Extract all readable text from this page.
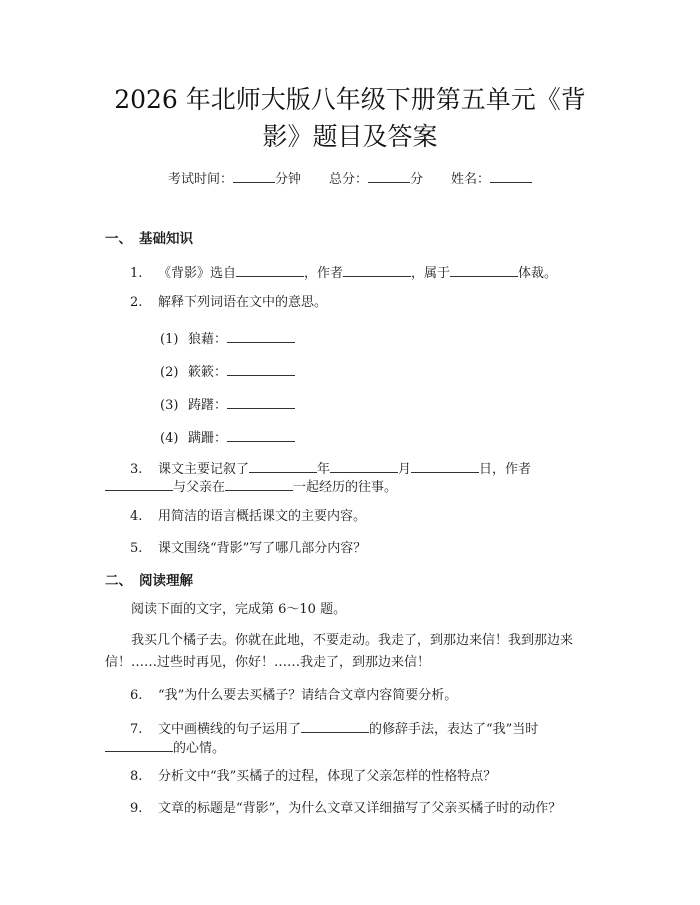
2026 年北师大版八年级下册第五单元《背
影》题目及答案
考试时间：	分钟 总分：	分 姓名：
一、 基础知识
1. 《背影》选自	，作者	，属于	体裁。
2. 解释下列词语在文中的意思。
(1) 狼藉：
(2) 簌簌：
(3) 踌躇：
(4) 蹒跚：
3. 课文主要记叙了	年	月	日，作者
与父亲在	一起经历的往事。
4. 用简洁的语言概括课文的主要内容。
5. 课文围绕“背影”写了哪几部分内容？
二、 阅读理解
阅读下面的文字，完成第 6～10 题。
我买几个橘子去。你就在此地，不要走动。我走了，到那边来信！我到那边来信！……过些时再见，你好！……我走了，到那边来信！
6. “我”为什么要去买橘子？请结合文章内容简要分析。
7. 文中画横线的句子运用了	的修辞手法，表达了“我”当时
的心情。
8. 分析文中“我”买橘子的过程，体现了父亲怎样的性格特点？
9. 文章的标题是“背影”，为什么文章又详细描写了父亲买橘子时的动作？
